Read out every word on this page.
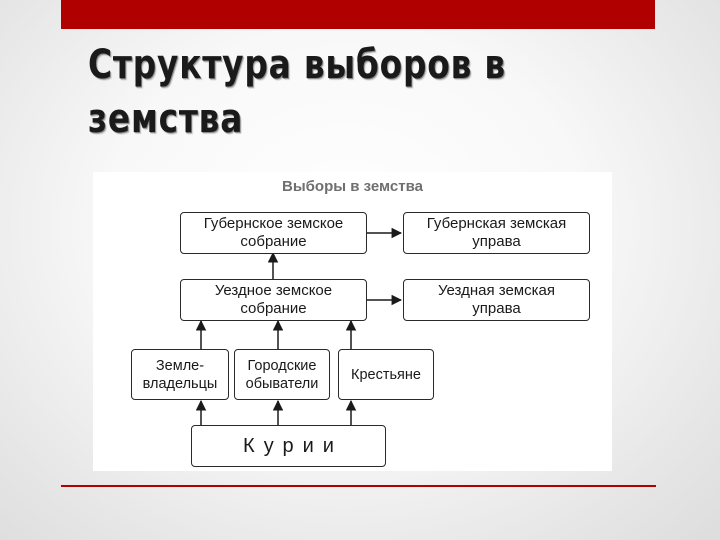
Структура выборов в земства
Выборы в земства
Губернское земское
собрание
Губернская земская
управа
Уездное земское
собрание
Уездная земская
управа
Земле-
владельцы
Городские
обыватели
Крестьяне
Курии
